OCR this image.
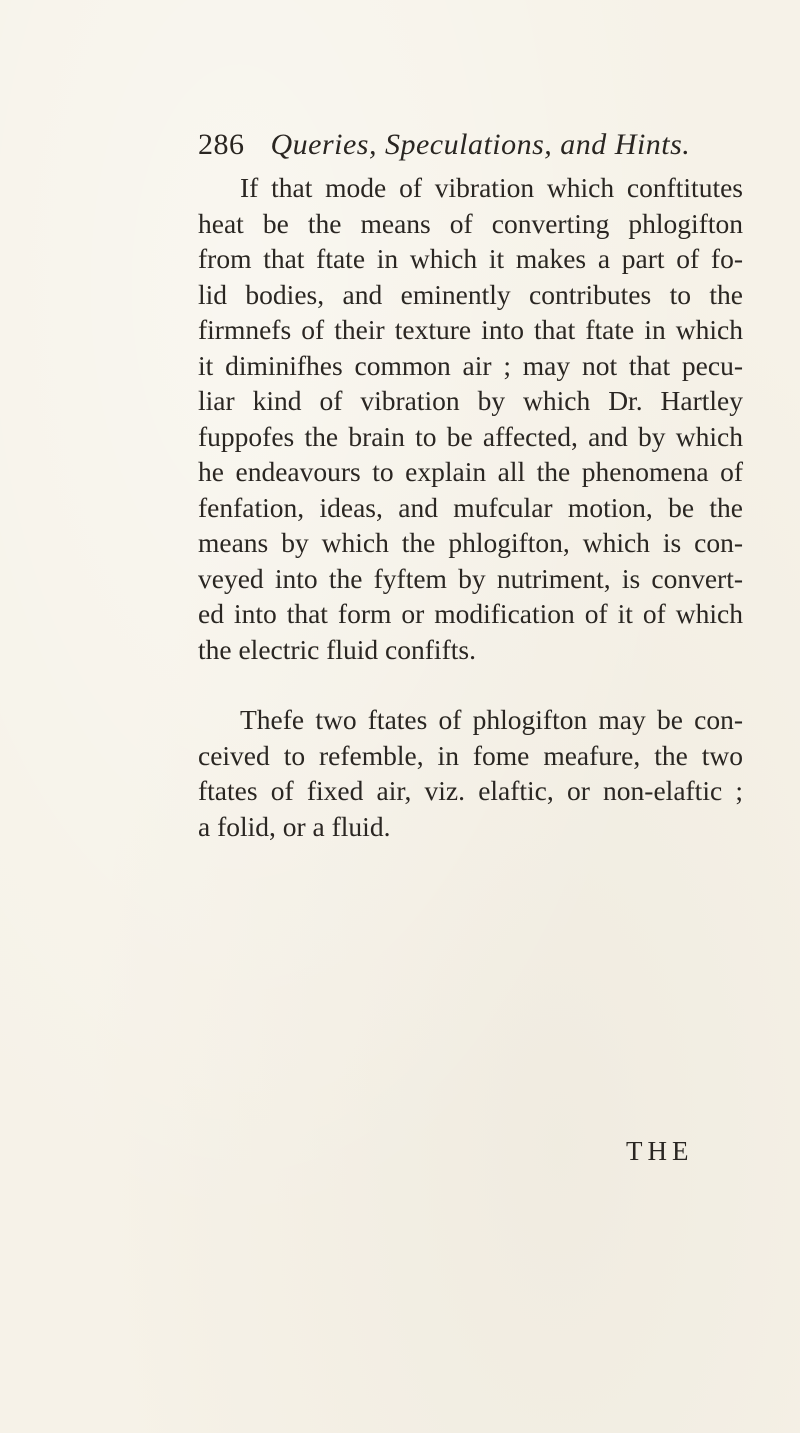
286 Queries, Speculations, and Hints.
If that mode of vibration which conftitutes
heat be the means of converting phlogifton
from that ftate in which it makes a part of fo-
lid bodies, and eminently contributes to the
firmnefs of their texture into that ftate in which
it diminifhes common air ; may not that pecu-
liar kind of vibration by which Dr. Hartley
fuppofes the brain to be affected, and by which
he endeavours to explain all the phenomena of
fenfation, ideas, and mufcular motion, be the
means by which the phlogifton, which is con-
veyed into the fyftem by nutriment, is convert-
ed into that form or modification of it of which
the electric fluid confifts.
Thefe two ftates of phlogifton may be con-
ceived to refemble, in fome meafure, the two
ftates of fixed air, viz. elaftic, or non-elaftic ;
a folid, or a fluid.
THE
